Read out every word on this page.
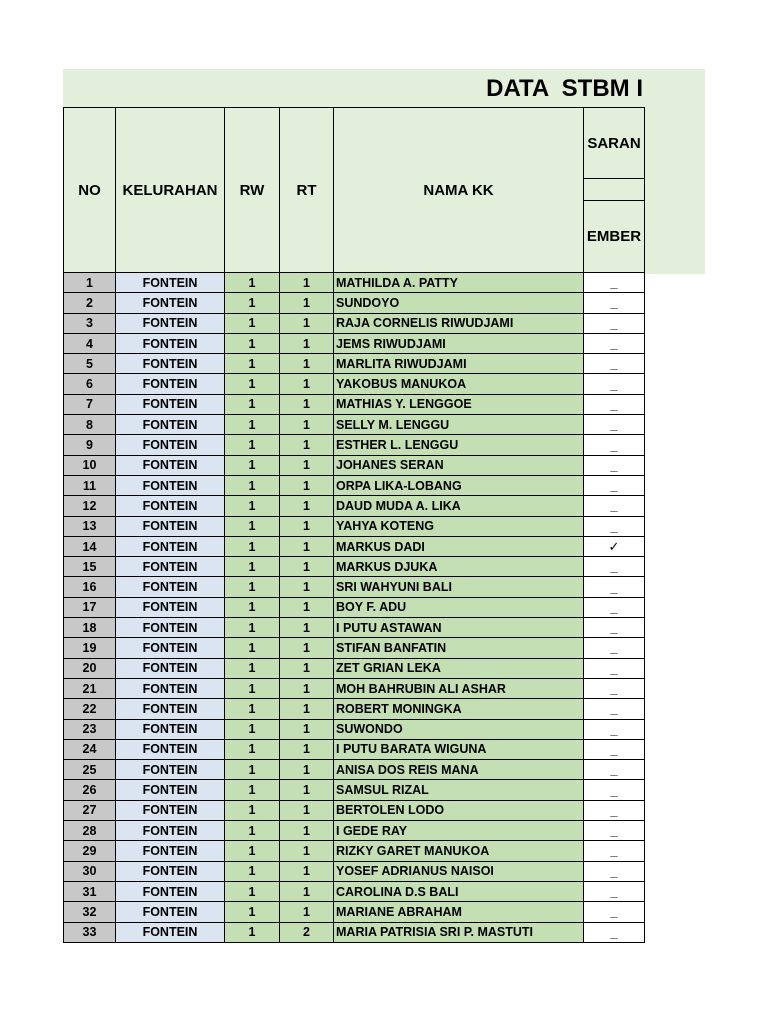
DATA  STBM I
NO	KELURAHAN	RW	RT	NAMA KK	SARAN

					EMBER
1	FONTEIN	1	1	MATHILDA A. PATTY	_
2	FONTEIN	1	1	SUNDOYO	_
3	FONTEIN	1	1	RAJA CORNELIS RIWUDJAMI	_
4	FONTEIN	1	1	JEMS RIWUDJAMI	_
5	FONTEIN	1	1	MARLITA RIWUDJAMI	_
6	FONTEIN	1	1	YAKOBUS MANUKOA	_
7	FONTEIN	1	1	MATHIAS Y. LENGGOE	_
8	FONTEIN	1	1	SELLY M. LENGGU	_
9	FONTEIN	1	1	ESTHER L. LENGGU	_
10	FONTEIN	1	1	JOHANES SERAN	_
11	FONTEIN	1	1	ORPA LIKA-LOBANG	_
12	FONTEIN	1	1	DAUD MUDA A. LIKA	_
13	FONTEIN	1	1	YAHYA KOTENG	_
14	FONTEIN	1	1	MARKUS DADI	✓
15	FONTEIN	1	1	MARKUS DJUKA	_
16	FONTEIN	1	1	SRI WAHYUNI BALI	_
17	FONTEIN	1	1	BOY F. ADU	_
18	FONTEIN	1	1	I PUTU ASTAWAN	_
19	FONTEIN	1	1	STIFAN BANFATIN	_
20	FONTEIN	1	1	ZET GRIAN LEKA	_
21	FONTEIN	1	1	MOH BAHRUBIN ALI ASHAR	_
22	FONTEIN	1	1	ROBERT MONINGKA	_
23	FONTEIN	1	1	SUWONDO	_
24	FONTEIN	1	1	I PUTU BARATA WIGUNA	_
25	FONTEIN	1	1	ANISA DOS REIS MANA	_
26	FONTEIN	1	1	SAMSUL RIZAL	_
27	FONTEIN	1	1	BERTOLEN LODO	_
28	FONTEIN	1	1	I GEDE RAY	_
29	FONTEIN	1	1	RIZKY GARET MANUKOA	_
30	FONTEIN	1	1	YOSEF ADRIANUS NAISOI	_
31	FONTEIN	1	1	CAROLINA D.S BALI	_
32	FONTEIN	1	1	MARIANE ABRAHAM	_
33	FONTEIN	1	2	MARIA PATRISIA SRI P. MASTUTI	_
